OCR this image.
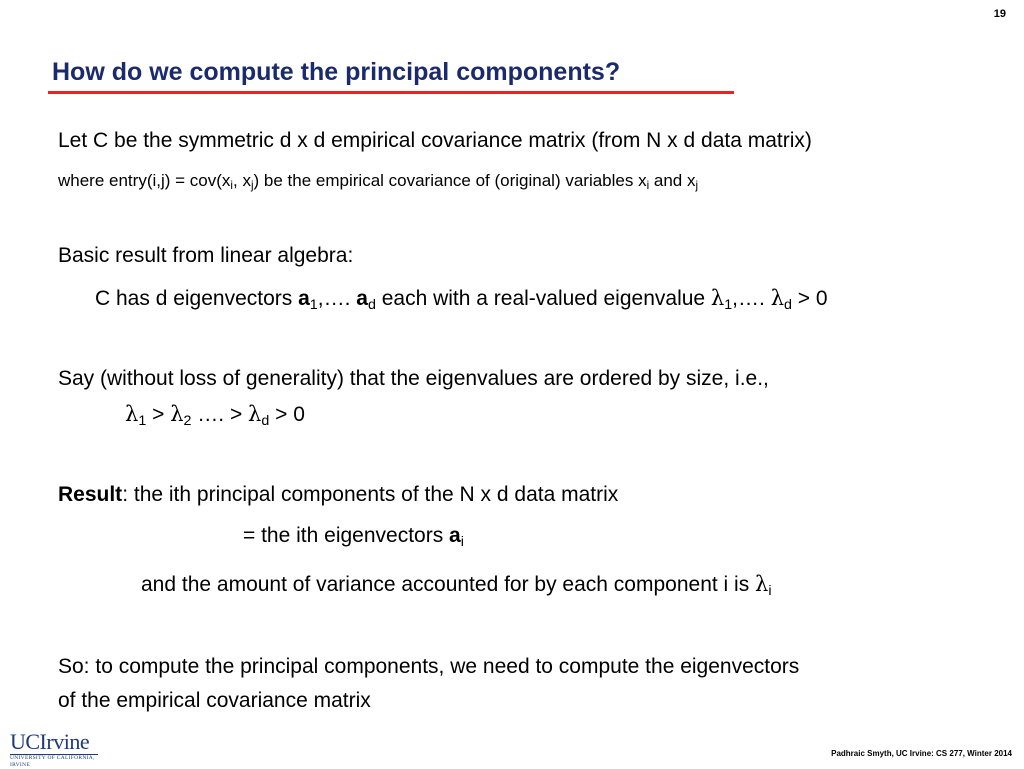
19
How do we compute the principal components?

Let C be the symmetric d x d empirical covariance matrix (from N x d data matrix)

where entry(i,j) = $cov(x_i$, $x_j$) be the empirical covariance of (original) variables $x_i$ and $x_j$

Basic result from linear algebra:

C has d eigenvectors $a_1,\dots$. $a_d$ each with a real-valued eigenvalue $\lambda_1,\dots$. $\lambda_d > 0$

Say (without loss of generality) that the eigenvalues are ordered by size, i.e.,

$\lambda_1 > \lambda_2$ …. > $\lambda_d > 0$

Result: the ith principal components of the N x d data matrix

= the ith eigenvectors $a_i$

and the amount of variance accounted for by each component i is $\lambda_i$

So: to compute the principal components, we need to compute the eigenvectors

of the empirical covariance matrix

UCIrvine
UNIVERSITY OF CALIFORNIA, IRVINE
Padhraic Smyth, UC Irvine: CS 277, Winter 2014
